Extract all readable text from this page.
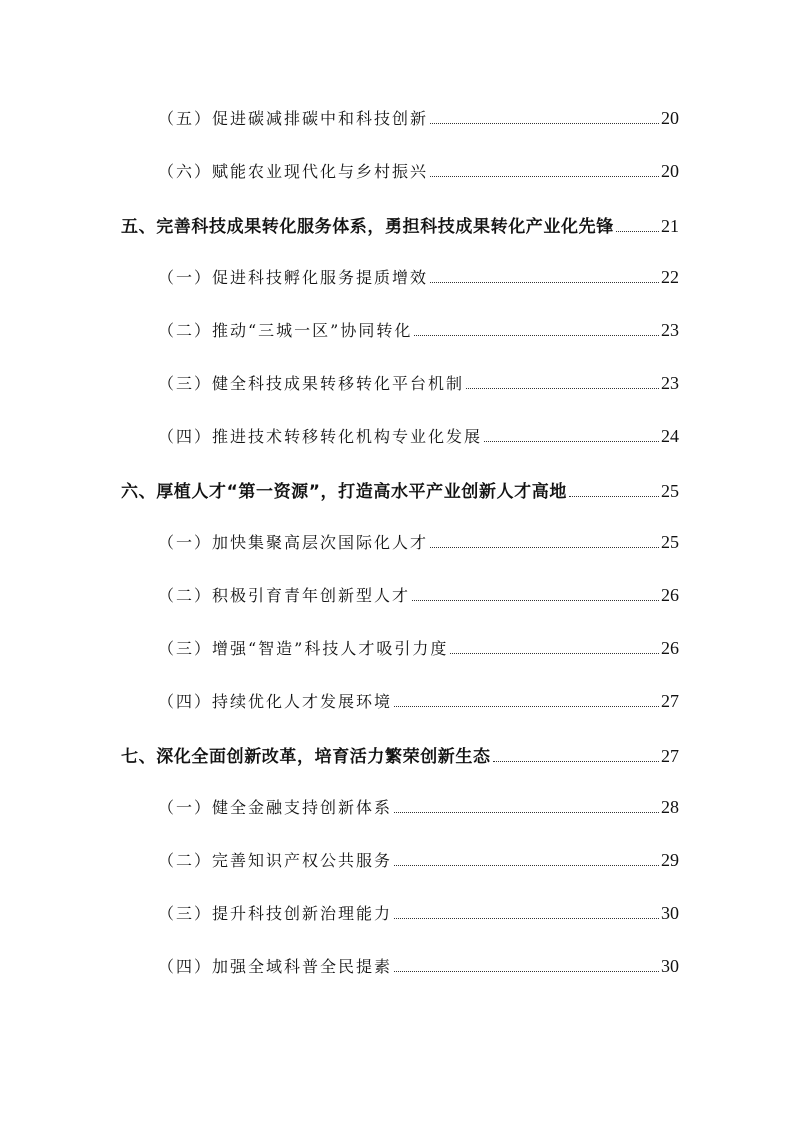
（五）促进碳减排碳中和科技创新	20
（六）赋能农业现代化与乡村振兴	20
五、完善科技成果转化服务体系，勇担科技成果转化产业化先锋	21
（一）促进科技孵化服务提质增效	22
（二）推动“三城一区”协同转化	23
（三）健全科技成果转移转化平台机制	23
（四）推进技术转移转化机构专业化发展	24
六、厚植人才“第一资源”，打造高水平产业创新人才高地	25
（一）加快集聚高层次国际化人才	25
（二）积极引育青年创新型人才	26
（三）增强“智造”科技人才吸引力度	26
（四）持续优化人才发展环境	27
七、深化全面创新改革，培育活力繁荣创新生态	27
（一）健全金融支持创新体系	28
（二）完善知识产权公共服务	29
（三）提升科技创新治理能力	30
（四）加强全域科普全民提素	30
